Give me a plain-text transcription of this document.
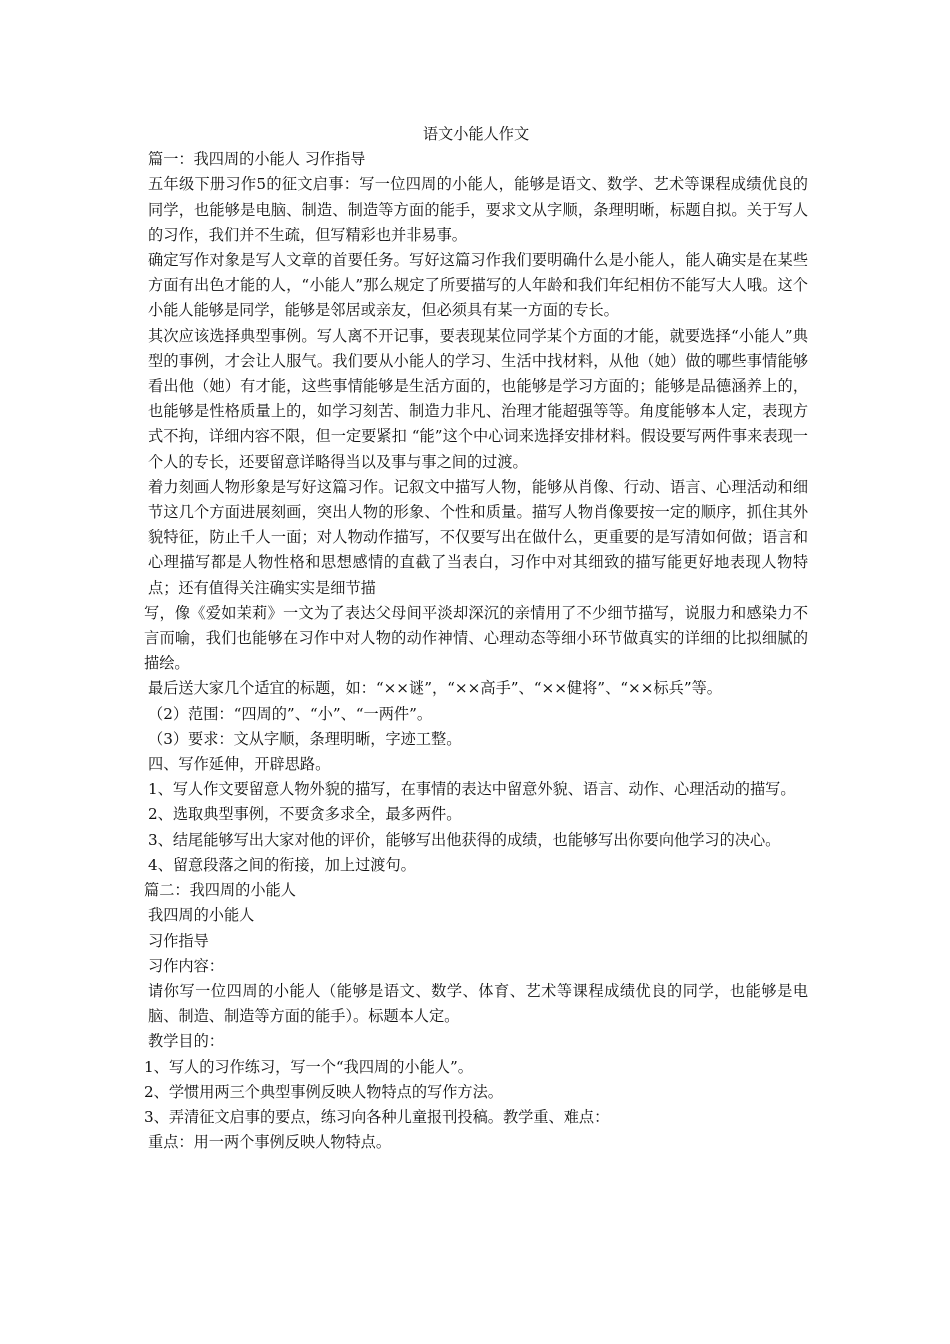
语文小能人作文

篇一：我四周的小能人 习作指导

五年级下册习作5的征文启事：写一位四周的小能人，能够是语文、数学、艺术等课程成绩优良的同学，也能够是电脑、制造、制造等方面的能手，要求文从字顺，条理明晰，标题自拟。关于写人的习作，我们并不生疏，但写精彩也并非易事。

确定写作对象是写人文章的首要任务。写好这篇习作我们要明确什么是小能人，能人确实是在某些方面有出色才能的人，“小能人”那么规定了所要描写的人年龄和我们年纪相仿不能写大人哦。这个小能人能够是同学，能够是邻居或亲友，但必须具有某一方面的专长。

其次应该选择典型事例。写人离不开记事，要表现某位同学某个方面的才能，就要选择“小能人”典型的事例，才会让人服气。我们要从小能人的学习、生活中找材料，从他（她）做的哪些事情能够看出他（她）有才能，这些事情能够是生活方面的，也能够是学习方面的；能够是品德涵养上的，也能够是性格质量上的，如学习刻苦、制造力非凡、治理才能超强等等。角度能够本人定，表现方式不拘，详细内容不限，但一定要紧扣 “能”这个中心词来选择安排材料。假设要写两件事来表现一个人的专长，还要留意详略得当以及事与事之间的过渡。

着力刻画人物形象是写好这篇习作。记叙文中描写人物，能够从肖像、行动、语言、心理活动和细节这几个方面进展刻画，突出人物的形象、个性和质量。描写人物肖像要按一定的顺序，抓住其外貌特征，防止千人一面；对人物动作描写，不仅要写出在做什么，更重要的是写清如何做；语言和心理描写都是人物性格和思想感情的直截了当表白，习作中对其细致的描写能更好地表现人物特点；还有值得关注确实实是细节描

写，像《爱如茉莉》一文为了表达父母间平淡却深沉的亲情用了不少细节描写，说服力和感染力不言而喻，我们也能够在习作中对人物的动作神情、心理动态等细小环节做真实的详细的比拟细腻的描绘。

最后送大家几个适宜的标题，如：“××谜”，“××高手”、“××健将”、“××标兵”等。

（2）范围：“四周的”、“小”、“一两件”。

（3）要求：文从字顺，条理明晰，字迹工整。

四、写作延伸，开辟思路。

1、写人作文要留意人物外貌的描写，在事情的表达中留意外貌、语言、动作、心理活动的描写。

2、选取典型事例，不要贪多求全，最多两件。

3、结尾能够写出大家对他的评价，能够写出他获得的成绩，也能够写出你要向他学习的决心。

4、留意段落之间的衔接，加上过渡句。

篇二：我四周的小能人

我四周的小能人

习作指导

习作内容：

请你写一位四周的小能人（能够是语文、数学、体育、艺术等课程成绩优良的同学，也能够是电脑、制造、制造等方面的能手）。标题本人定。

教学目的：

1、写人的习作练习，写一个“我四周的小能人”。

2、学惯用两三个典型事例反映人物特点的写作方法。

3、弄清征文启事的要点，练习向各种儿童报刊投稿。教学重、难点：

重点：用一两个事例反映人物特点。
